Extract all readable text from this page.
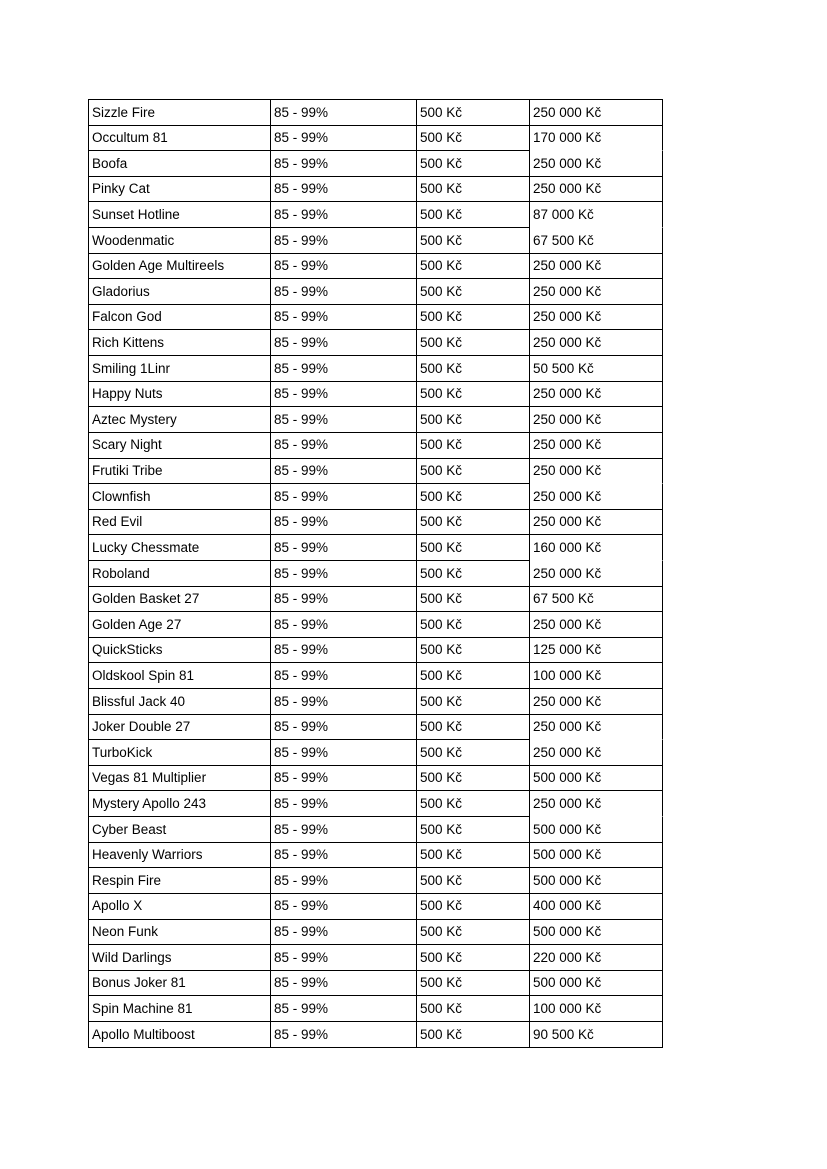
Sizzle Fire	85 - 99%	500 Kč	250 000 Kč
Occultum 81	85 - 99%	500 Kč	170 000 Kč
Boofa	85 - 99%	500 Kč	250 000 Kč
Pinky Cat	85 - 99%	500 Kč	250 000 Kč
Sunset Hotline	85 - 99%	500 Kč	87 000 Kč
Woodenmatic	85 - 99%	500 Kč	67 500 Kč
Golden Age Multireels	85 - 99%	500 Kč	250 000 Kč
Gladorius	85 - 99%	500 Kč	250 000 Kč
Falcon God	85 - 99%	500 Kč	250 000 Kč
Rich Kittens	85 - 99%	500 Kč	250 000 Kč
Smiling 1Linr	85 - 99%	500 Kč	50 500 Kč
Happy Nuts	85 - 99%	500 Kč	250 000 Kč
Aztec Mystery	85 - 99%	500 Kč	250 000 Kč
Scary Night	85 - 99%	500 Kč	250 000 Kč
Frutiki Tribe	85 - 99%	500 Kč	250 000 Kč
Clownfish	85 - 99%	500 Kč	250 000 Kč
Red Evil	85 - 99%	500 Kč	250 000 Kč
Lucky Chessmate	85 - 99%	500 Kč	160 000 Kč
Roboland	85 - 99%	500 Kč	250 000 Kč
Golden Basket 27	85 - 99%	500 Kč	67 500 Kč
Golden Age 27	85 - 99%	500 Kč	250 000 Kč
QuickSticks	85 - 99%	500 Kč	125 000 Kč
Oldskool Spin 81	85 - 99%	500 Kč	100 000 Kč
Blissful Jack 40	85 - 99%	500 Kč	250 000 Kč
Joker Double 27	85 - 99%	500 Kč	250 000 Kč
TurboKick	85 - 99%	500 Kč	250 000 Kč
Vegas 81 Multiplier	85 - 99%	500 Kč	500 000 Kč
Mystery Apollo 243	85 - 99%	500 Kč	250 000 Kč
Cyber Beast	85 - 99%	500 Kč	500 000 Kč
Heavenly Warriors	85 - 99%	500 Kč	500 000 Kč
Respin Fire	85 - 99%	500 Kč	500 000 Kč
Apollo X	85 - 99%	500 Kč	400 000 Kč
Neon Funk	85 - 99%	500 Kč	500 000 Kč
Wild Darlings	85 - 99%	500 Kč	220 000 Kč
Bonus Joker 81	85 - 99%	500 Kč	500 000 Kč
Spin Machine 81	85 - 99%	500 Kč	100 000 Kč
Apollo Multiboost	85 - 99%	500 Kč	90 500 Kč
